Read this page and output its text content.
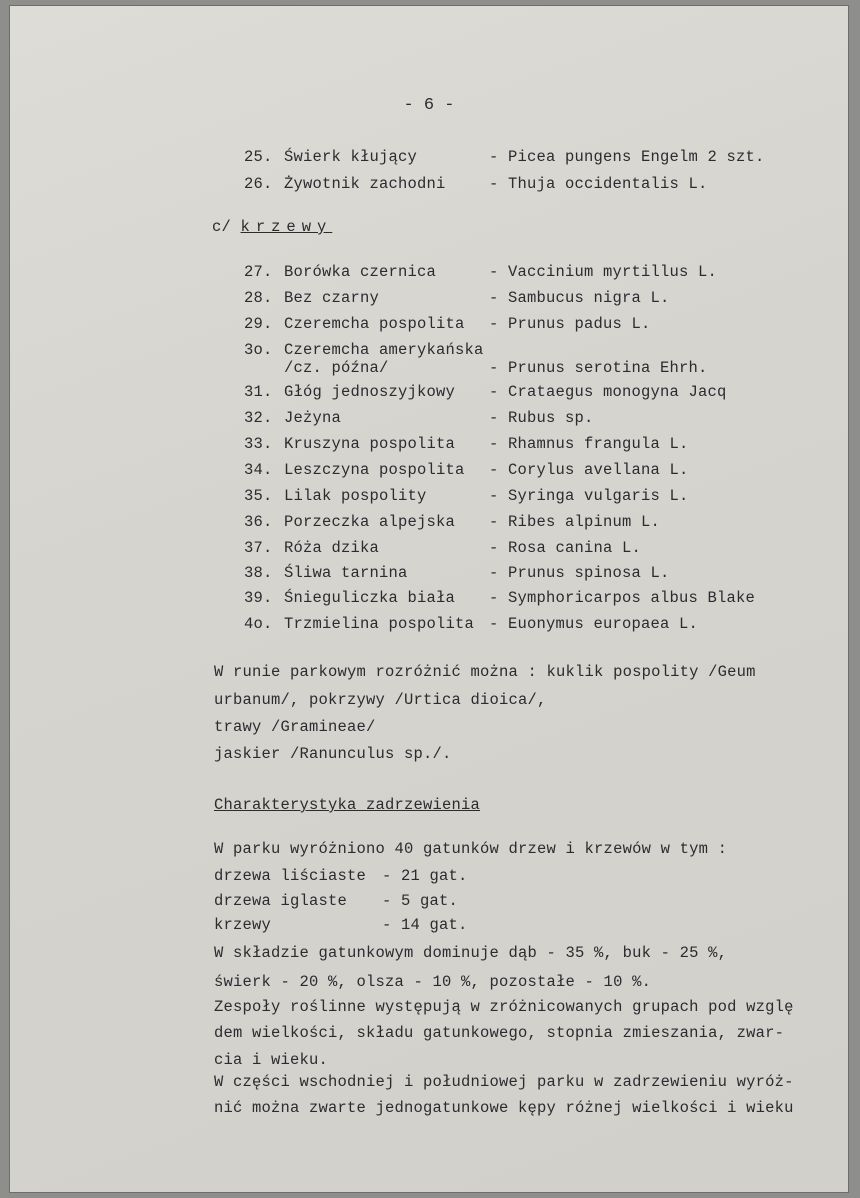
- 6 -
25. Świerk kłujący	- Picea pungens Engelm 2 szt.
26. Żywotnik zachodni	- Thuja occidentalis L.
c/ krzewy
27. Borówka czernica	- Vaccinium myrtillus L.
28. Bez czarny	- Sambucus nigra L.
29. Czeremcha pospolita - Prunus padus L.
3o. Czeremcha amerykańska
/cz. późna/	- Prunus serotina Ehrh.
31. Głóg jednoszyjkowy - Crataegus monogyna Jacq
32. Jeżyna	- Rubus sp.
33. Kruszyna pospolita - Rhamnus frangula L.
34. Leszczyna pospolita - Corylus avellana L.
35. Lilak pospolity	- Syringa vulgaris L.
36. Porzeczka alpejska - Ribes alpinum L.
37. Róża dzika	- Rosa canina L.
38. Śliwa tarnina	- Prunus spinosa L.
39. Śnieguliczka biała - Symphoricarpos albus Blake
4o. Trzmielina pospolita - Euonymus europaea L.
W runie parkowym rozróżnić można : kuklik pospolity /Geum
urbanum/, pokrzywy /Urtica dioica/,
trawy /Gramineae/
jaskier /Ranunculus sp./.
Charakterystyka zadrzewienia
W parku wyróżniono 40 gatunków drzew i krzewów w tym :
drzewa liściaste - 21 gat.
drzewa iglaste - 5 gat.
krzewy	- 14 gat.
W składzie gatunkowym dominuje dąb - 35 %, buk - 25 %,
świerk - 20 %, olsza - 10 %, pozostałe - 10 %.
Zespoły roślinne występują w zróżnicowanych grupach pod wzglę
dem wielkości, składu gatunkowego, stopnia zmieszania, zwar-
cia i wieku.
W części wschodniej i południowej parku w zadrzewieniu wyróż-
nić można zwarte jednogatunkowe kępy różnej wielkości i wieku
